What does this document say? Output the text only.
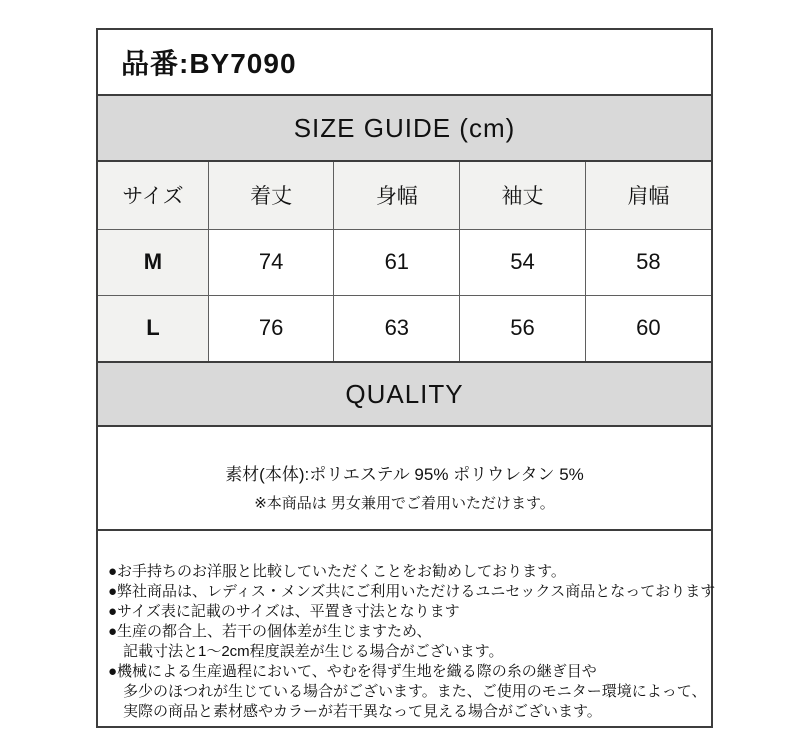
品番:BY7090
SIZE GUIDE (cm)
サイズ	着丈	身幅	袖丈	肩幅
M	74	61	54	58
L	76	63	56	60
QUALITY
素材(本体):ポリエステル 95% ポリウレタン 5%
※本商品は 男女兼用でご着用いただけます。
●お手持ちのお洋服と比較していただくことをお勧めしております。
●弊社商品は、レディス・メンズ共にご利用いただけるユニセックス商品となっております
●サイズ表に記載のサイズは、平置き寸法となります
●生産の都合上、若干の個体差が生じますため、
記載寸法と1～2cm程度誤差が生じる場合がございます。
●機械による生産過程において、やむを得ず生地を織る際の糸の継ぎ目や
多少のほつれが生じている場合がございます。また、ご使用のモニター環境によって、
実際の商品と素材感やカラーが若干異なって見える場合がございます。
